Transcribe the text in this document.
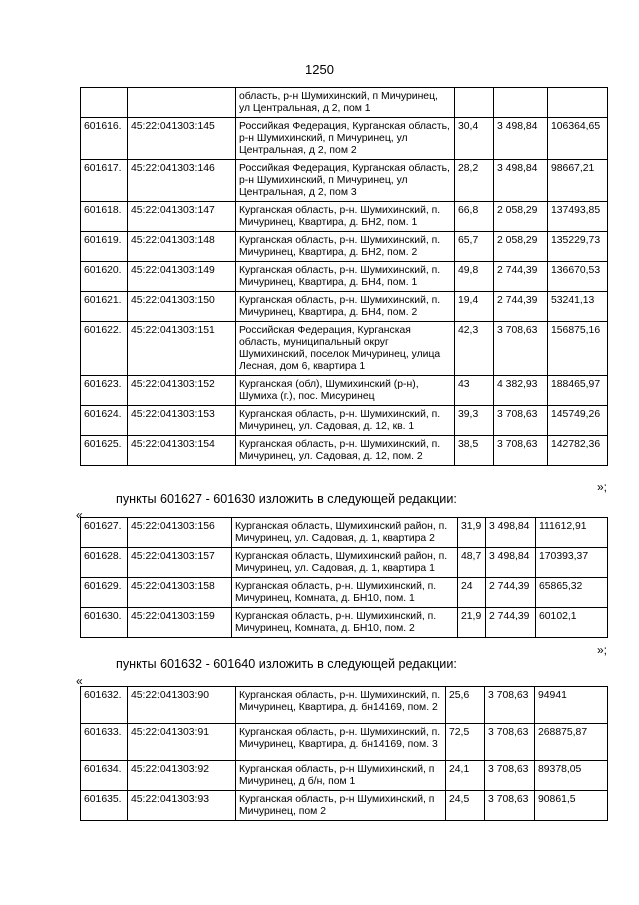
1250
		область, р-н Шумихинский, п Мичуринец, ул Центральная, д 2, пом 1			
601616.	45:22:041303:145	Российкая Федерация, Курганская область, р-н Шумихинский, п Мичуринец, ул Центральная, д 2, пом 2	30,4	3 498,84	106364,65
601617.	45:22:041303:146	Российкая Федерация, Курганская область, р-н Шумихинский, п Мичуринец, ул Центральная, д 2, пом 3	28,2	3 498,84	98667,21
601618.	45:22:041303:147	Курганская область, р-н. Шумихинский, п. Мичуринец, Квартира, д. БН2, пом. 1	66,8	2 058,29	137493,85
601619.	45:22:041303:148	Курганская область, р-н. Шумихинский, п. Мичуринец, Квартира, д. БН2, пом. 2	65,7	2 058,29	135229,73
601620.	45:22:041303:149	Курганская область, р-н. Шумихинский, п. Мичуринец, Квартира, д. БН4, пом. 1	49,8	2 744,39	136670,53
601621.	45:22:041303:150	Курганская область, р-н. Шумихинский, п. Мичуринец, Квартира, д. БН4, пом. 2	19,4	2 744,39	53241,13
601622.	45:22:041303:151	Российская Федерация, Курганская область, муниципальный округ Шумихинский, поселок Мичуринец, улица Лесная, дом 6, квартира 1	42,3	3 708,63	156875,16
601623.	45:22:041303:152	Курганская (обл), Шумихинский (р-н), Шумиха (г.), пос. Мисуринец	43	4 382,93	188465,97
601624.	45:22:041303:153	Курганская область, р-н. Шумихинский, п. Мичуринец, ул. Садовая, д. 12, кв. 1	39,3	3 708,63	145749,26
601625.	45:22:041303:154	Курганская область, р-н. Шумихинский, п. Мичуринец, ул. Садовая, д. 12, пом. 2	38,5	3 708,63	142782,36
»;
пункты 601627 - 601630 изложить в следующей редакции:
«
601627.	45:22:041303:156	Курганская область, Шумихинский район, п. Мичуринец, ул. Садовая, д. 1, квартира 2	31,9	3 498,84	111612,91
601628.	45:22:041303:157	Курганская область, Шумихинский район, п. Мичуринец, ул. Садовая, д. 1, квартира 1	48,7	3 498,84	170393,37
601629.	45:22:041303:158	Курганская область, р-н. Шумихинский, п. Мичуринец, Комната, д. БН10, пом. 1	24	2 744,39	65865,32
601630.	45:22:041303:159	Курганская область, р-н. Шумихинский, п. Мичуринец, Комната, д. БН10, пом. 2	21,9	2 744,39	60102,1
»;
пункты 601632 - 601640 изложить в следующей редакции:
«
601632.	45:22:041303:90	Курганская область, р-н. Шумихинский, п. Мичуринец, Квартира, д. бн14169, пом. 2	25,6	3 708,63	94941
601633.	45:22:041303:91	Курганская область, р-н. Шумихинский, п. Мичуринец, Квартира, д. бн14169, пом. 3	72,5	3 708,63	268875,87
601634.	45:22:041303:92	Курганская область, р-н Шумихинский, п Мичуринец, д б/н, пом 1	24,1	3 708,63	89378,05
601635.	45:22:041303:93	Курганская область, р-н Шумихинский, п Мичуринец, пом 2	24,5	3 708,63	90861,5
